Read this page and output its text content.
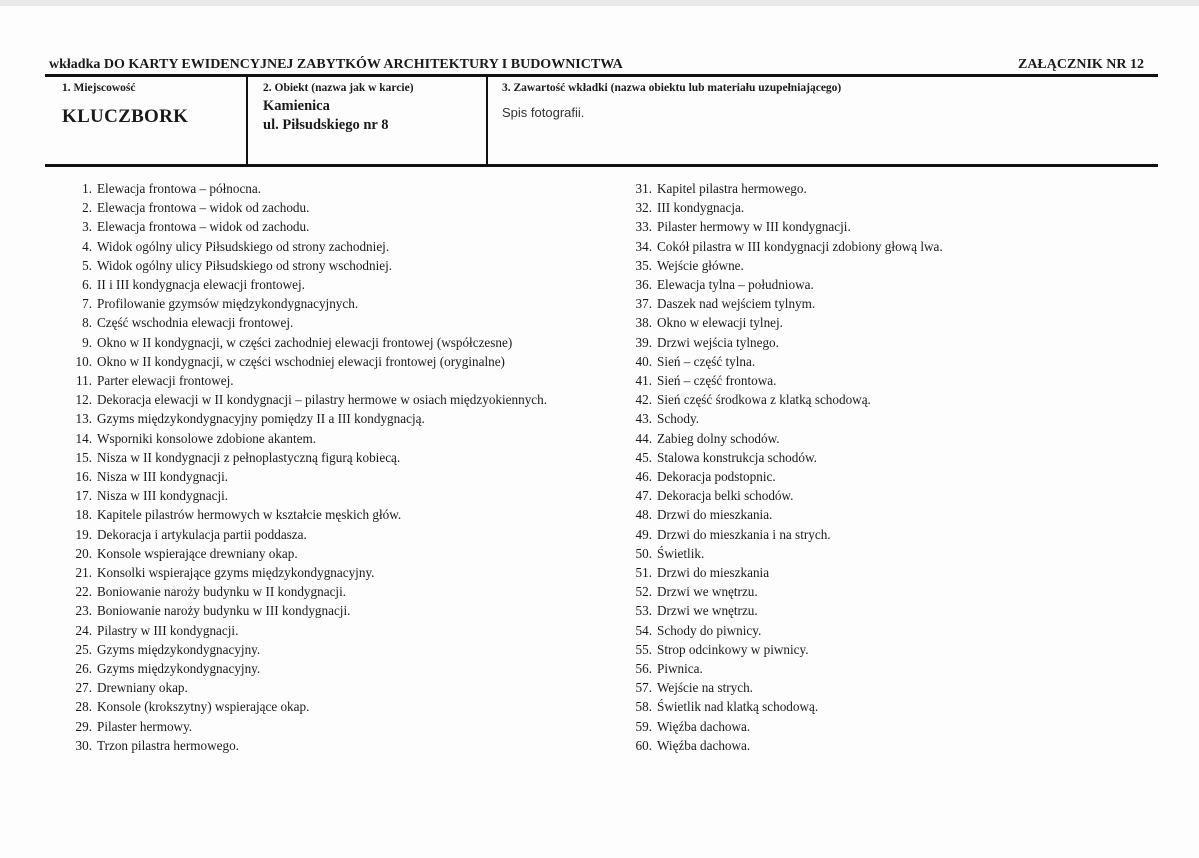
wkładka DO KARTY EWIDENCYJNEJ ZABYTKÓW ARCHITEKTURY I BUDOWNICTWA	ZAŁĄCZNIK NR 12
1. Miejscowość
KLUCZBORK
2. Obiekt (nazwa jak w karcie)
Kamienica
ul. Piłsudskiego nr 8
3. Zawartość wkładki (nazwa obiektu lub materiału uzupełniającego)
Spis fotografii.
1. Elewacja frontowa – północna.
2. Elewacja frontowa – widok od zachodu.
3. Elewacja frontowa – widok od zachodu.
4. Widok ogólny ulicy Piłsudskiego od strony zachodniej.
5. Widok ogólny ulicy Piłsudskiego od strony wschodniej.
6. II i III kondygnacja elewacji frontowej.
7. Profilowanie gzymsów międzykondygnacyjnych.
8. Część wschodnia elewacji frontowej.
9. Okno w II kondygnacji, w części zachodniej elewacji frontowej (współczesne)
10. Okno w II kondygnacji, w części wschodniej elewacji frontowej (oryginalne)
11. Parter elewacji frontowej.
12. Dekoracja elewacji w II kondygnacji – pilastry hermowe w osiach międzyokiennych.
13. Gzyms międzykondygnacyjny pomiędzy II a III kondygnacją.
14. Wsporniki konsolowe zdobione akantem.
15. Nisza w II kondygnacji z pełnoplastyczną figurą kobiecą.
16. Nisza w III kondygnacji.
17. Nisza w III kondygnacji.
18. Kapitele pilastrów hermowych w kształcie męskich głów.
19. Dekoracja i artykulacja partii poddasza.
20. Konsole wspierające drewniany okap.
21. Konsolki wspierające gzyms międzykondygnacyjny.
22. Boniowanie naroży budynku w II kondygnacji.
23. Boniowanie naroży budynku w III kondygnacji.
24. Pilastry w III kondygnacji.
25. Gzyms międzykondygnacyjny.
26. Gzyms międzykondygnacyjny.
27. Drewniany okap.
28. Konsole (krokszytny) wspierające okap.
29. Pilaster hermowy.
30. Trzon pilastra hermowego.
31. Kapitel pilastra hermowego.
32. III kondygnacja.
33. Pilaster hermowy w III kondygnacji.
34. Cokół pilastra w III kondygnacji zdobiony głową lwa.
35. Wejście główne.
36. Elewacja tylna – południowa.
37. Daszek nad wejściem tylnym.
38. Okno w elewacji tylnej.
39. Drzwi wejścia tylnego.
40. Sień – część tylna.
41. Sień – część frontowa.
42. Sień część środkowa z klatką schodową.
43. Schody.
44. Zabieg dolny schodów.
45. Stalowa konstrukcja schodów.
46. Dekoracja podstopnic.
47. Dekoracja belki schodów.
48. Drzwi do mieszkania.
49. Drzwi do mieszkania i na strych.
50. Świetlik.
51. Drzwi do mieszkania
52. Drzwi we wnętrzu.
53. Drzwi we wnętrzu.
54. Schody do piwnicy.
55. Strop odcinkowy w piwnicy.
56. Piwnica.
57. Wejście na strych.
58. Świetlik nad klatką schodową.
59. Więźba dachowa.
60. Więźba dachowa.
